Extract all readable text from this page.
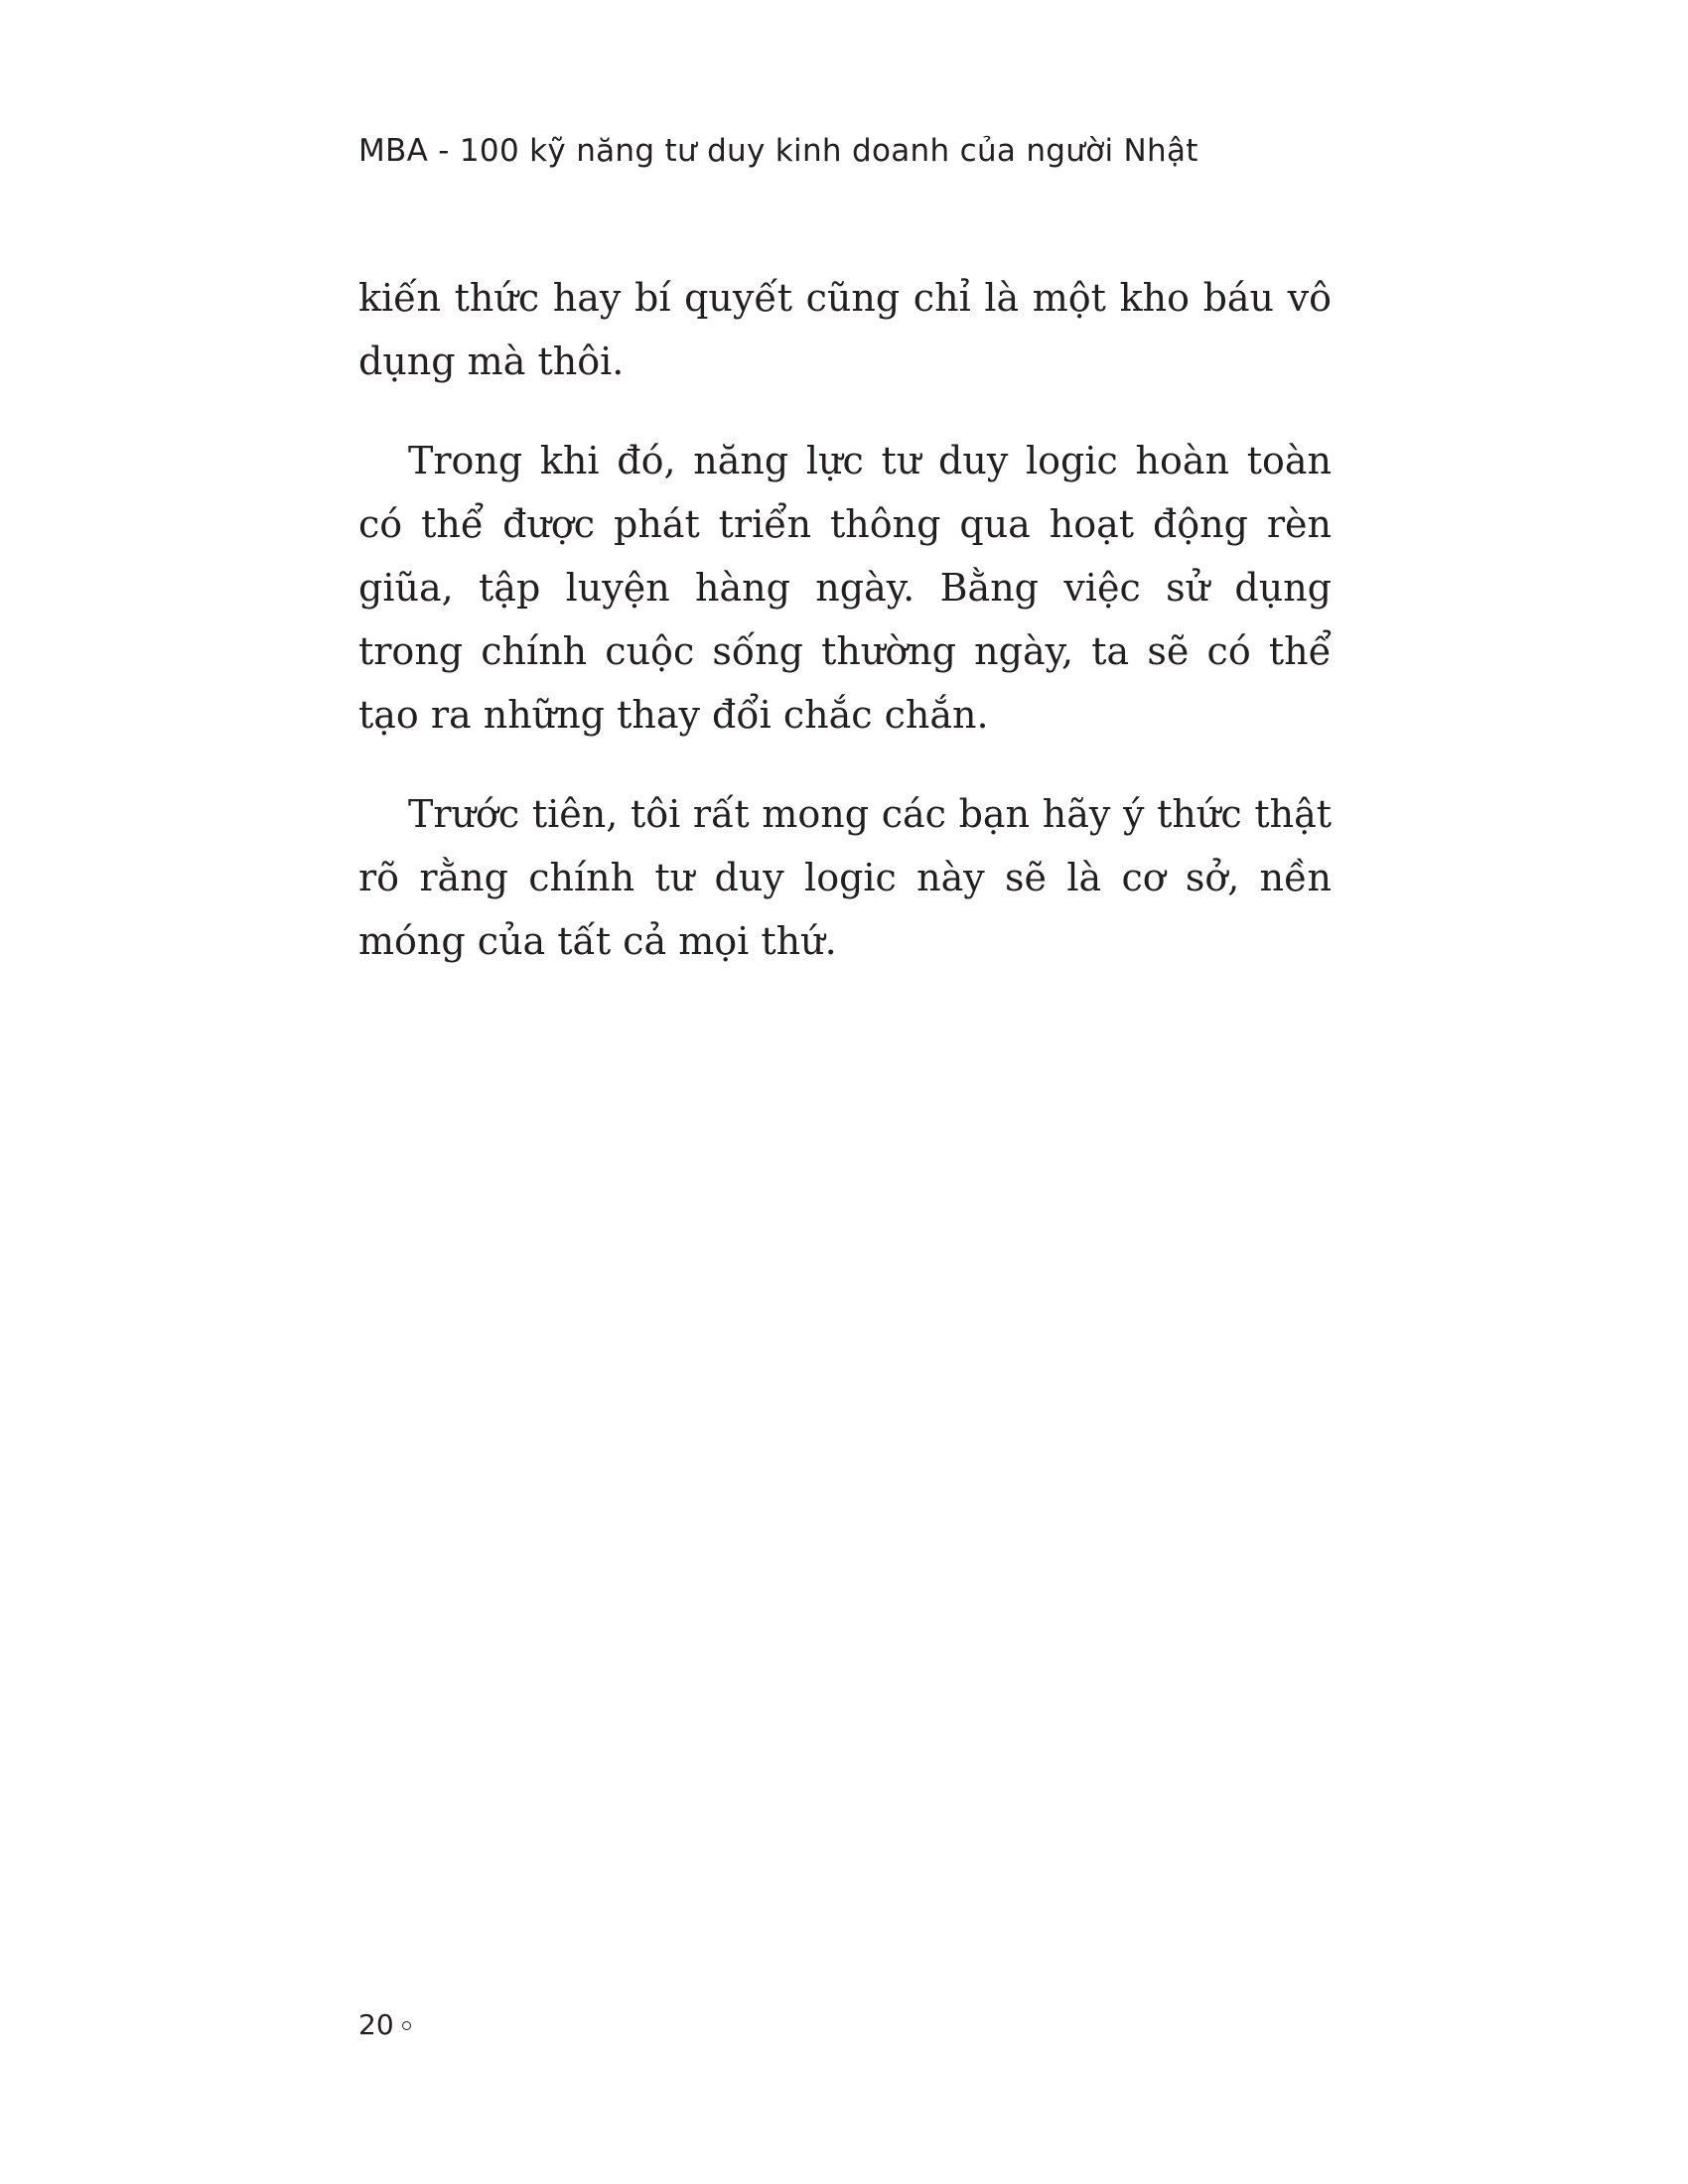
MBA - 100 kỹ năng tư duy kinh doanh của người Nhật

kiến thức hay bí quyết cũng chỉ là một kho báu vô dụng mà thôi.

Trong khi đó, năng lực tư duy logic hoàn toàn có thể được phát triển thông qua hoạt động rèn giũa, tập luyện hàng ngày. Bằng việc sử dụng trong chính cuộc sống thường ngày, ta sẽ có thể tạo ra những thay đổi chắc chắn.

Trước tiên, tôi rất mong các bạn hãy ý thức thật rõ rằng chính tư duy logic này sẽ là cơ sở, nền móng của tất cả mọi thứ.

20
